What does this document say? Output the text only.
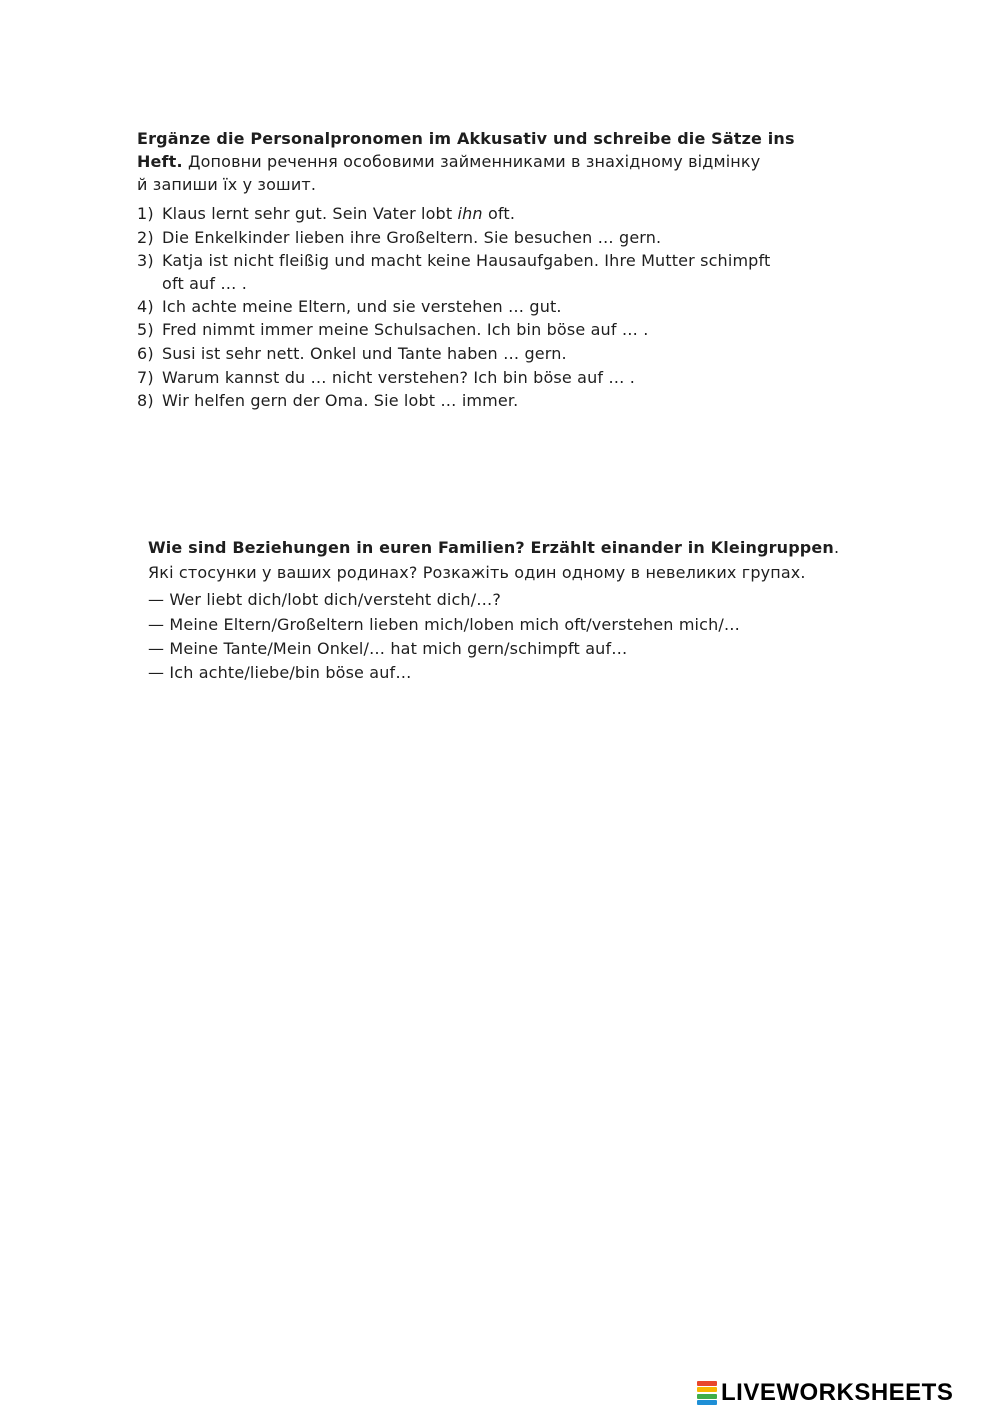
Ergänze die Personalpronomen im Akkusativ und schreibe die Sätze ins
Heft. Доповни речення особовими займенниками в знахідному відмінку
й запиши їх у зошит.
1) Klaus lernt sehr gut. Sein Vater lobt ihn oft.
2) Die Enkelkinder lieben ihre Großeltern. Sie besuchen … gern.
3) Katja ist nicht fleißig und macht keine Hausaufgaben. Ihre Mutter schimpft
oft auf … .
4) Ich achte meine Eltern, und sie verstehen … gut.
5) Fred nimmt immer meine Schulsachen. Ich bin böse auf … .
6) Susi ist sehr nett. Onkel und Tante haben … gern.
7) Warum kannst du … nicht verstehen? Ich bin böse auf … .
8) Wir helfen gern der Oma. Sie lobt … immer.
Wie sind Beziehungen in euren Familien? Erzählt einander in Kleingruppen.
Які стосунки у ваших родинах? Розкажіть один одному в невеликих групах.
— Wer liebt dich/lobt dich/versteht dich/…?
— Meine Eltern/Großeltern lieben mich/loben mich oft/verstehen mich/…
— Meine Tante/Mein Onkel/… hat mich gern/schimpft auf…
— Ich achte/liebe/bin böse auf…
LIVEWORKSHEETS
